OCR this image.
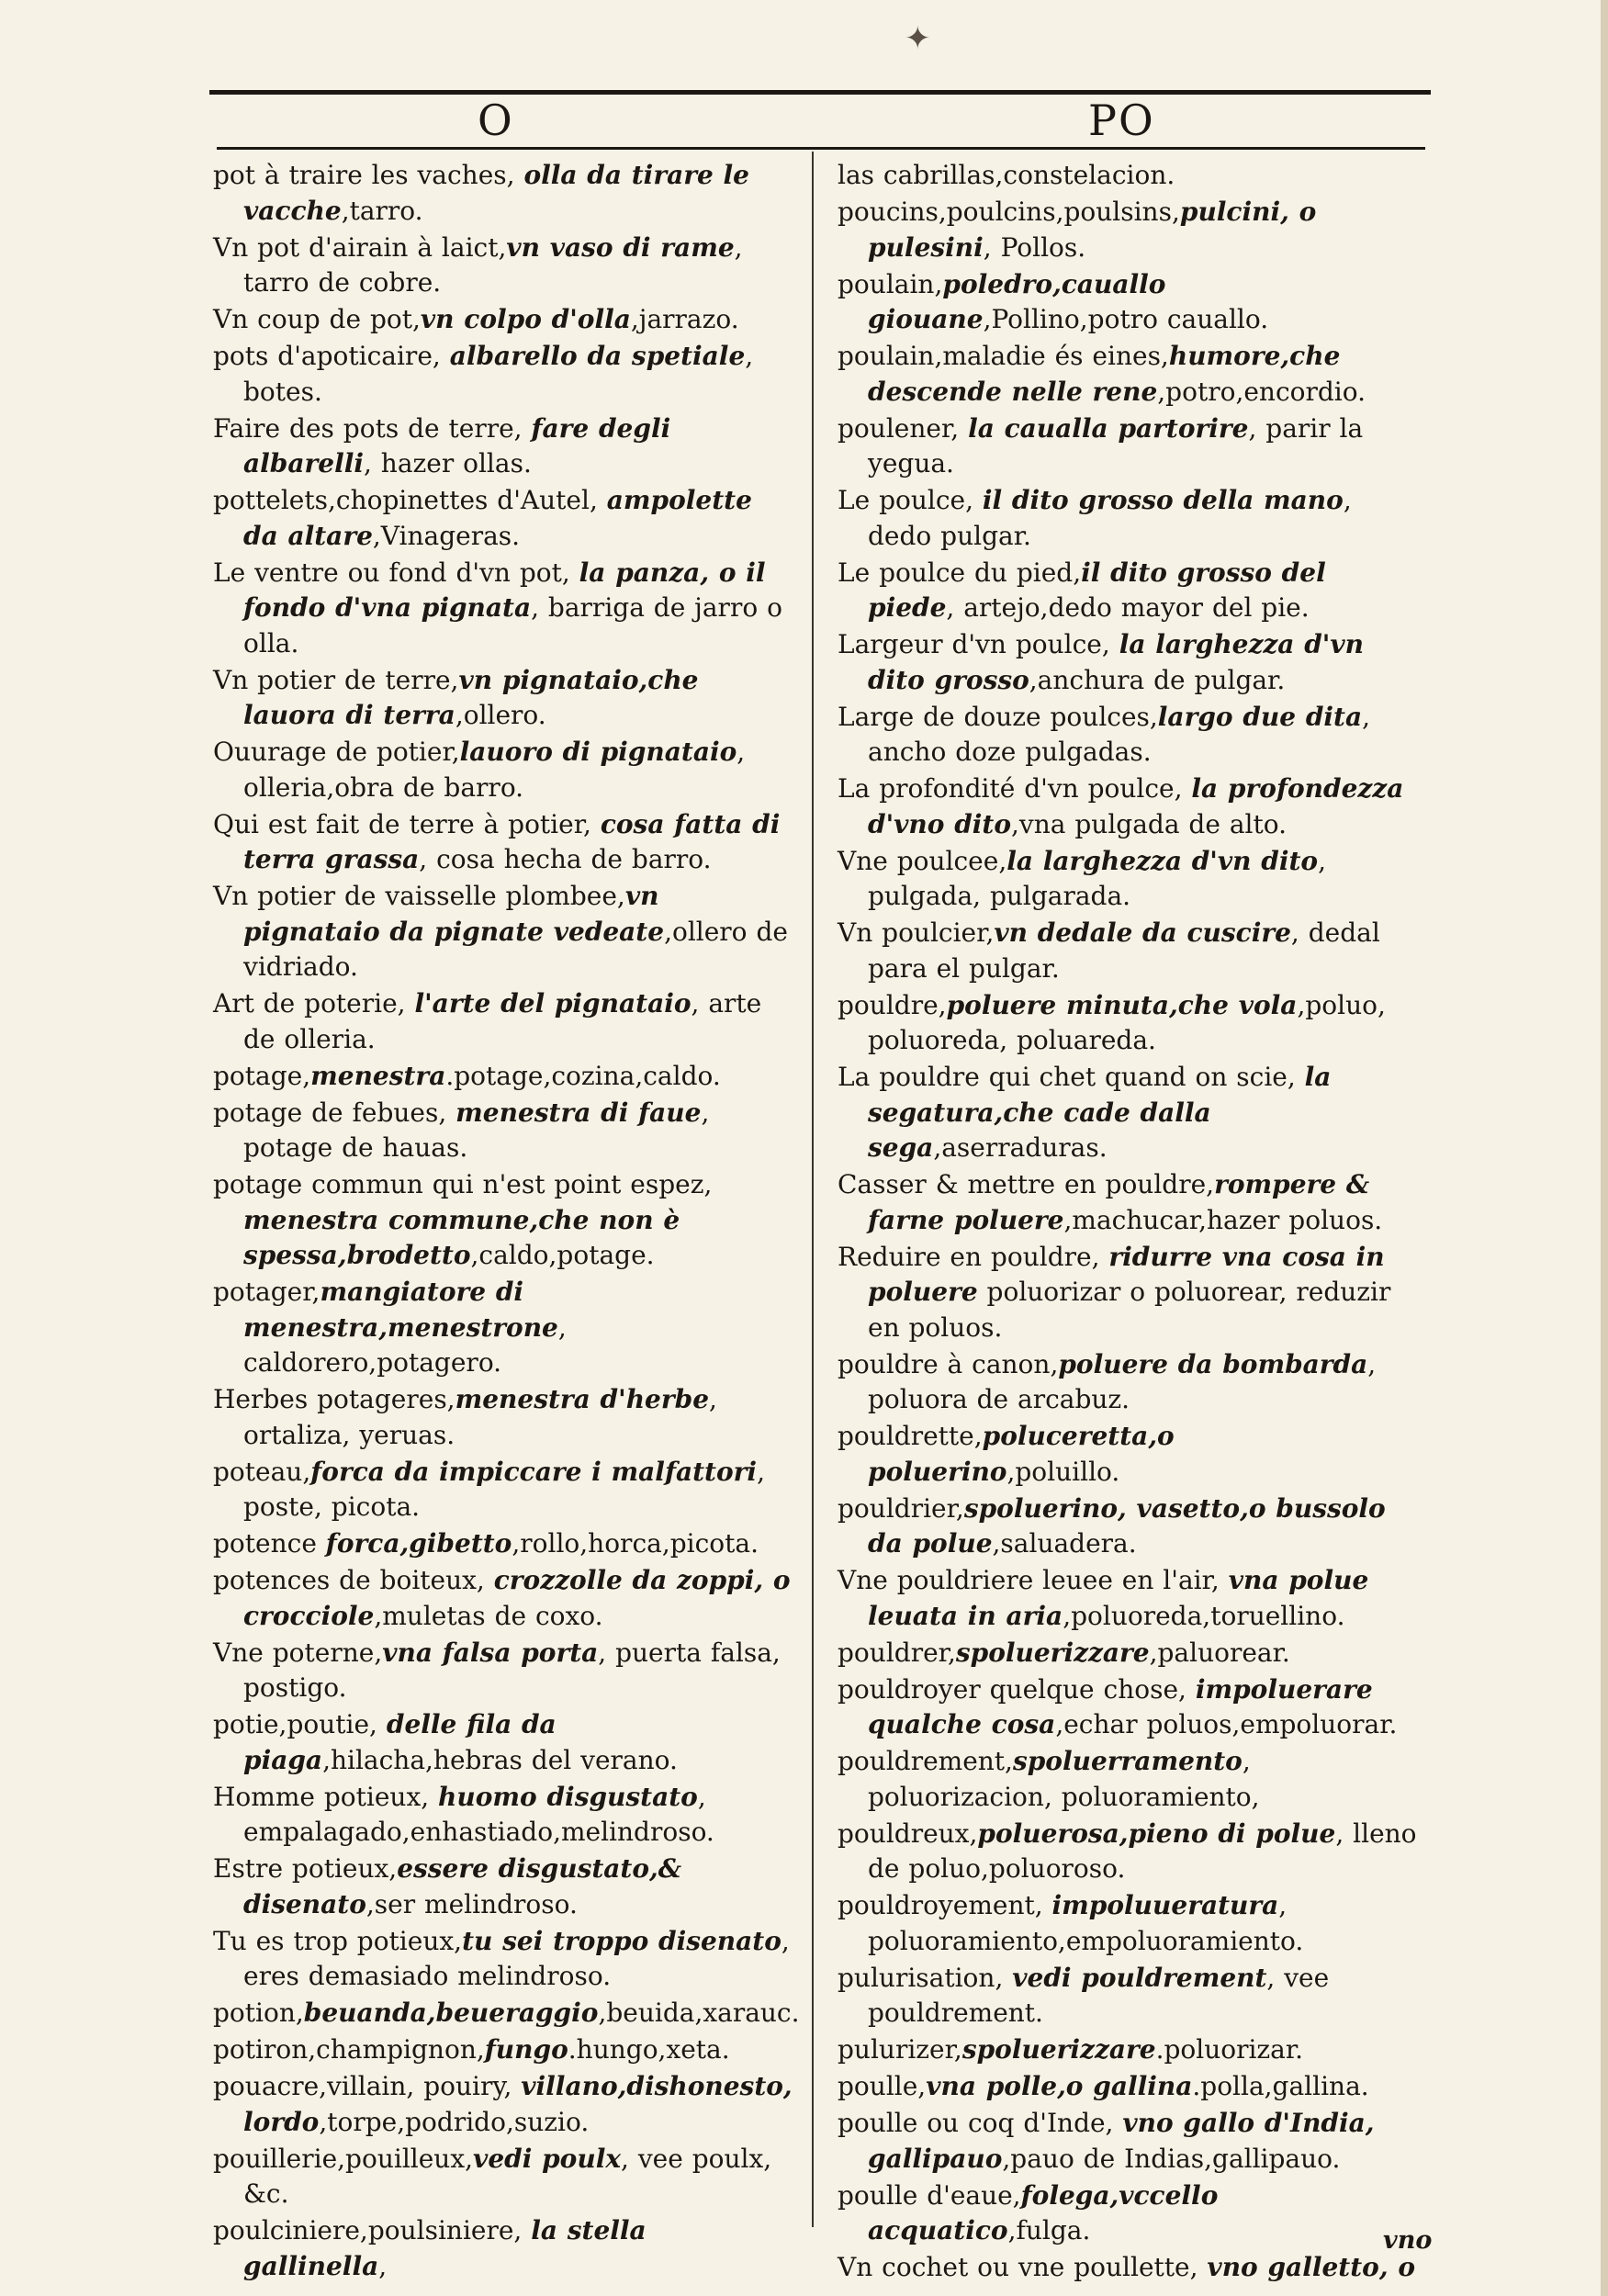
✦
O	PO

pot à traire les vaches, olla da tirare le vacche,tarro.

Vn pot d'airain à laict,vn vaso di rame, tarro de cobre.

Vn coup de pot,vn colpo d'olla,jarrazo.

pots d'apoticaire, albarello da spetiale, botes.

Faire des pots de terre, fare degli albarelli, hazer ollas.

pottelets,chopinettes d'Autel, ampolette da altare,Vinageras.

Le ventre ou fond d'vn pot, la panza, o il fondo d'vna pignata, barriga de jarro o olla.

Vn potier de terre,vn pignataio,che lauora di terra,ollero.

Ouurage de potier,lauoro di pignataio, olleria,obra de barro.

Qui est fait de terre à potier, cosa fatta di terra grassa, cosa hecha de barro.

Vn potier de vaisselle plombee,vn pignataio da pignate vedeate,ollero de vidriado.

Art de poterie, l'arte del pignataio, arte de olleria.

potage,menestra.potage,cozina,caldo.

potage de febues, menestra di faue, potage de hauas.

potage commun qui n'est point espez, menestra commune,che non è spessa,brodetto,caldo,potage.

potager,mangiatore di menestra,menestrone, caldorero,potagero.

Herbes potageres,menestra d'herbe, ortaliza, yeruas.

poteau,forca da impiccare i malfattori, poste, picota.

potence forca,gibetto,rollo,horca,picota.

potences de boiteux, crozzolle da zoppi, o crocciole,muletas de coxo.

Vne poterne,vna falsa porta, puerta falsa, postigo.

potie,poutie, delle fila da piaga,hilacha,hebras del verano.

Homme potieux, huomo disgustato, empalagado,enhastiado,melindroso.

Estre potieux,essere disgustato,& disenato,ser melindroso.

Tu es trop potieux,tu sei troppo disenato, eres demasiado melindroso.

potion,beuanda,beueraggio,beuida,xarauc.

potiron,champignon,fungo.hungo,xeta.

pouacre,villain, pouiry, villano,dishonesto, lordo,torpe,podrido,suzio.

pouillerie,pouilleux,vedi poulx, vee poulx, &c.

poulciniere,poulsiniere, la stella gallinella,

las cabrillas,constelacion.

poucins,poulcins,poulsins,pulcini, o pulesini, Pollos.

poulain,poledro,cauallo giouane,Pollino,potro cauallo.

poulain,maladie és eines,humore,che descende nelle rene,potro,encordio.

poulener, la caualla partorire, parir la yegua.

Le poulce, il dito grosso della mano, dedo pulgar.

Le poulce du pied,il dito grosso del piede, artejo,dedo mayor del pie.

Largeur d'vn poulce, la larghezza d'vn dito grosso,anchura de pulgar.

Large de douze poulces,largo due dita, ancho doze pulgadas.

La profondité d'vn poulce, la profondezza d'vno dito,vna pulgada de alto.

Vne poulcee,la larghezza d'vn dito, pulgada, pulgarada.

Vn poulcier,vn dedale da cuscire, dedal para el pulgar.

pouldre,poluere minuta,che vola,poluo, poluoreda, poluareda.

La pouldre qui chet quand on scie, la segatura,che cade dalla sega,aserraduras.

Casser & mettre en pouldre,rompere & farne poluere,machucar,hazer poluos.

Reduire en pouldre, ridurre vna cosa in poluere poluorizar o poluorear, reduzir en poluos.

pouldre à canon,poluere da bombarda, poluora de arcabuz.

pouldrette,poluceretta,o poluerino,poluillo.

pouldrier,spoluerino, vasetto,o bussolo da polue,saluadera.

Vne pouldriere leuee en l'air, vna polue leuata in aria,poluoreda,toruellino.

pouldrer,spoluerizzare,paluorear.

pouldroyer quelque chose, impoluerare qualche cosa,echar poluos,empoluorar.

pouldrement,spoluerramento, poluorizacion, poluoramiento,

pouldreux,poluerosa,pieno di polue, lleno de poluo,poluoroso.

pouldroyement, impoluueratura, poluoramiento,empoluoramiento.

pulurisation, vedi pouldrement, vee pouldrement.

pulurizer,spoluerizzare.poluorizar.

poulle,vna polle,o gallina.polla,gallina.

poulle ou coq d'Inde, vno gallo d'India, gallipauo,pauo de Indias,gallipauo.

poulle d'eaue,folega,vccello acquatico,fulga.

Vn cochet ou vne poullette, vno galletto, o

vno
